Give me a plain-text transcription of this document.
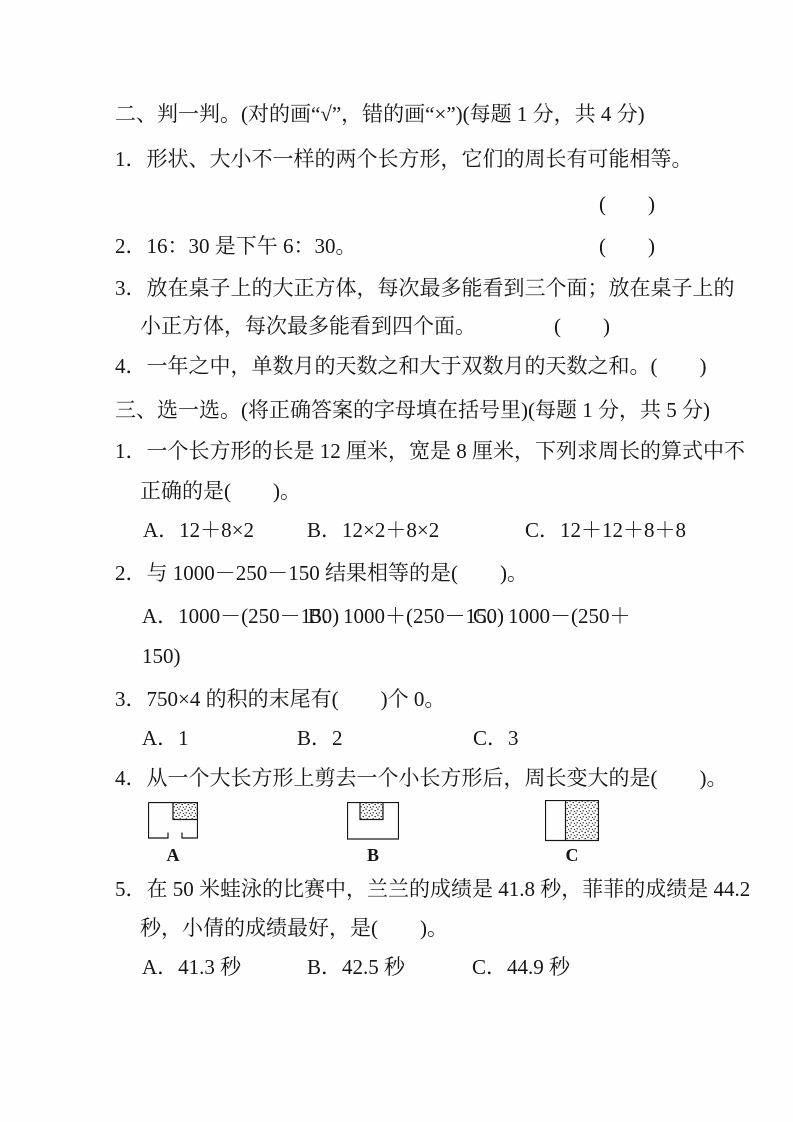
二、判一判。(对的画“√”，错的画“×”)(每题 1 分，共 4 分)
1．形状、大小不一样的两个长方形，它们的周长有可能相等。
(　　)
2．16：30 是下午 6：30。	(　　)
3．放在桌子上的大正方体，每次最多能看到三个面；放在桌子上的
小正方体，每次最多能看到四个面。	(　　)
4．一年之中，单数月的天数之和大于双数月的天数之和。 (　　)
三、选一选。(将正确答案的字母填在括号里)(每题 1 分，共 5 分)
1．一个长方形的长是 12 厘米，宽是 8 厘米，下列求周长的算式中不
正确的是(　　)。
A．12＋8×2	B．12×2＋8×2	C．12＋12＋8＋8
2．与 1000－250－150 结果相等的是(　　)。
A．1000－(250－150)
B．1000＋(250－150)
C．1000－(250＋
150)
3．750×4 的积的末尾有(　　)个 0。
A．1	B．2	C．3
4．从一个大长方形上剪去一个小长方形后，周长变大的是(　　)。
A	B	C
5．在 50 米蛙泳的比赛中，兰兰的成绩是 41.8 秒，菲菲的成绩是 44.2
秒，小倩的成绩最好，是(　　)。
A．41.3 秒	B．42.5 秒	C．44.9 秒
